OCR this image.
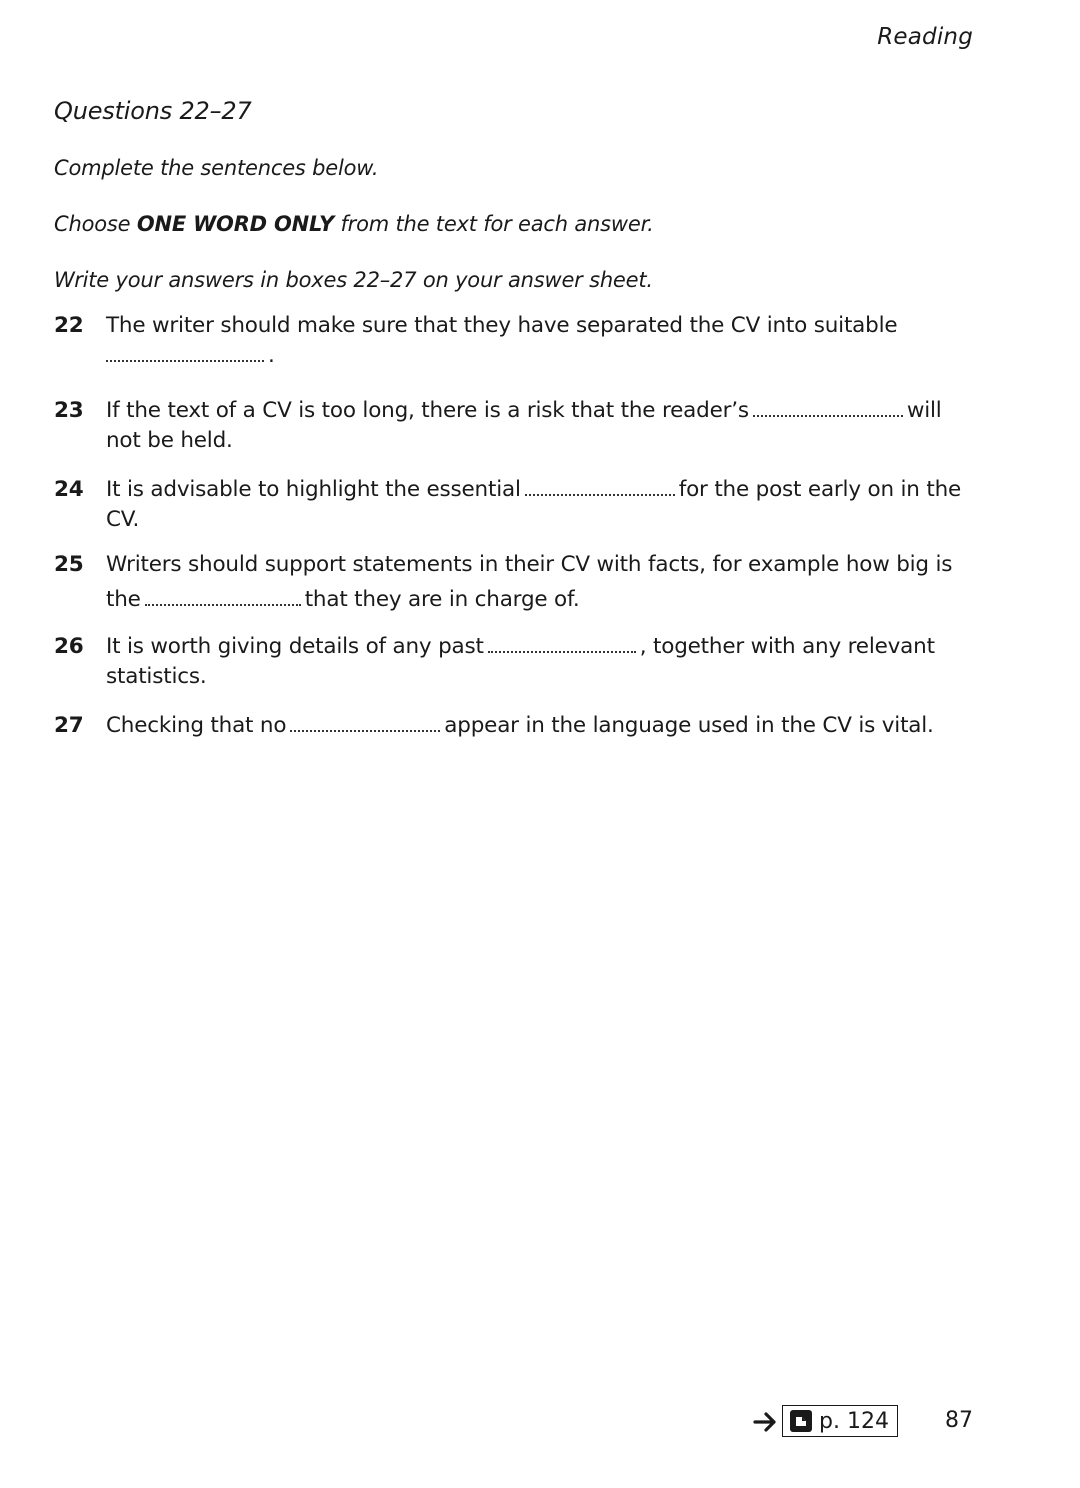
Reading
Questions 22–27
Complete the sentences below.
Choose ONE WORD ONLY from the text for each answer.
Write your answers in boxes 22–27 on your answer sheet.
22 The writer should make sure that they have separated the CV into suitable
.
23 If the text of a CV is too long, there is a risk that the reader’s	will not be held.
24 It is advisable to highlight the essential	for the post early on in the CV.
25 Writers should support statements in their CV with facts, for example how big is the	that they are in charge of.
26 It is worth giving details of any past	, together with any relevant statistics.
27 Checking that no	appear in the language used in the CV is vital.
p. 124	87
